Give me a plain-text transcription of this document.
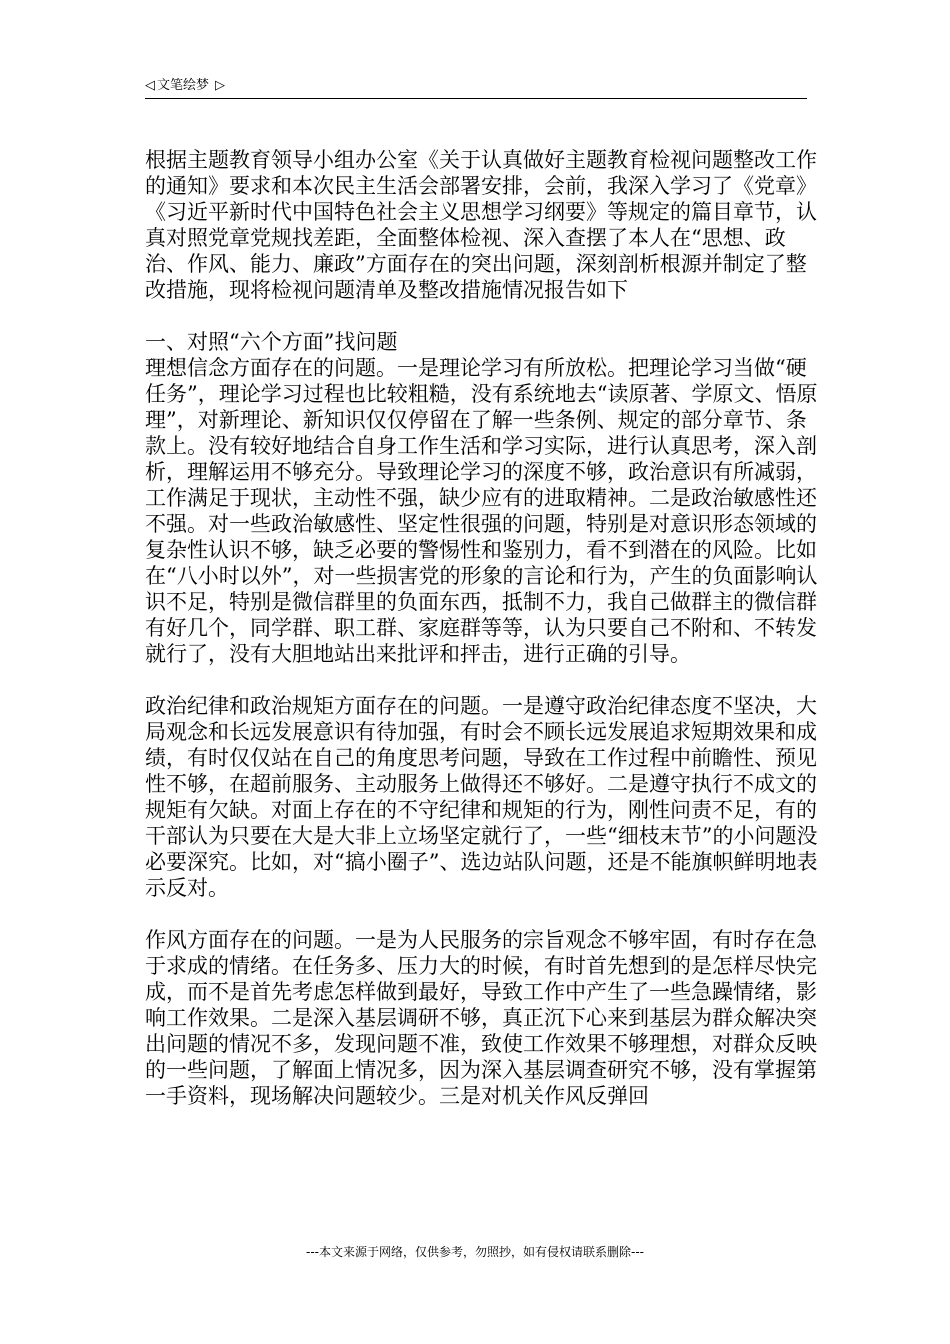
◁ 文笔绘梦 ▷

根据主题教育领导小组办公室《关于认真做好主题教育检视问题整改工作的通知》要求和本次民主生活会部署安排，会前，我深入学习了《党章》《习近平新时代中国特色社会主义思想学习纲要》等规定的篇目章节，认真对照党章党规找差距，全面整体检视、深入查摆了本人在“思想、政治、作风、能力、廉政”方面存在的突出问题，深刻剖析根源并制定了整改措施，现将检视问题清单及整改措施情况报告如下

一、对照“六个方面”找问题

理想信念方面存在的问题。一是理论学习有所放松。把理论学习当做“硬任务”，理论学习过程也比较粗糙，没有系统地去“读原著、学原文、悟原理”，对新理论、新知识仅仅停留在了解一些条例、规定的部分章节、条款上。没有较好地结合自身工作生活和学习实际，进行认真思考，深入剖析，理解运用不够充分。导致理论学习的深度不够，政治意识有所减弱，工作满足于现状，主动性不强，缺少应有的进取精神。二是政治敏感性还不强。对一些政治敏感性、坚定性很强的问题，特别是对意识形态领域的复杂性认识不够，缺乏必要的警惕性和鉴别力，看不到潜在的风险。比如在“八小时以外”，对一些损害党的形象的言论和行为，产生的负面影响认识不足，特别是微信群里的负面东西，抵制不力，我自己做群主的微信群有好几个，同学群、职工群、家庭群等等，认为只要自己不附和、不转发就行了，没有大胆地站出来批评和抨击，进行正确的引导。

政治纪律和政治规矩方面存在的问题。一是遵守政治纪律态度不坚决，大局观念和长远发展意识有待加强，有时会不顾长远发展追求短期效果和成绩，有时仅仅站在自己的角度思考问题，导致在工作过程中前瞻性、预见性不够，在超前服务、主动服务上做得还不够好。二是遵守执行不成文的规矩有欠缺。对面上存在的不守纪律和规矩的行为，刚性问责不足，有的干部认为只要在大是大非上立场坚定就行了，一些“细枝末节”的小问题没必要深究。比如，对“搞小圈子”、选边站队问题，还是不能旗帜鲜明地表示反对。

作风方面存在的问题。一是为人民服务的宗旨观念不够牢固，有时存在急于求成的情绪。在任务多、压力大的时候，有时首先想到的是怎样尽快完成，而不是首先考虑怎样做到最好，导致工作中产生了一些急躁情绪，影响工作效果。二是深入基层调研不够，真正沉下心来到基层为群众解决突出问题的情况不多，发现问题不准，致使工作效果不够理想，对群众反映的一些问题，了解面上情况多，因为深入基层调查研究不够，没有掌握第一手资料，现场解决问题较少。三是对机关作风反弹回

---本文来源于网络，仅供参考，勿照抄，如有侵权请联系删除---
